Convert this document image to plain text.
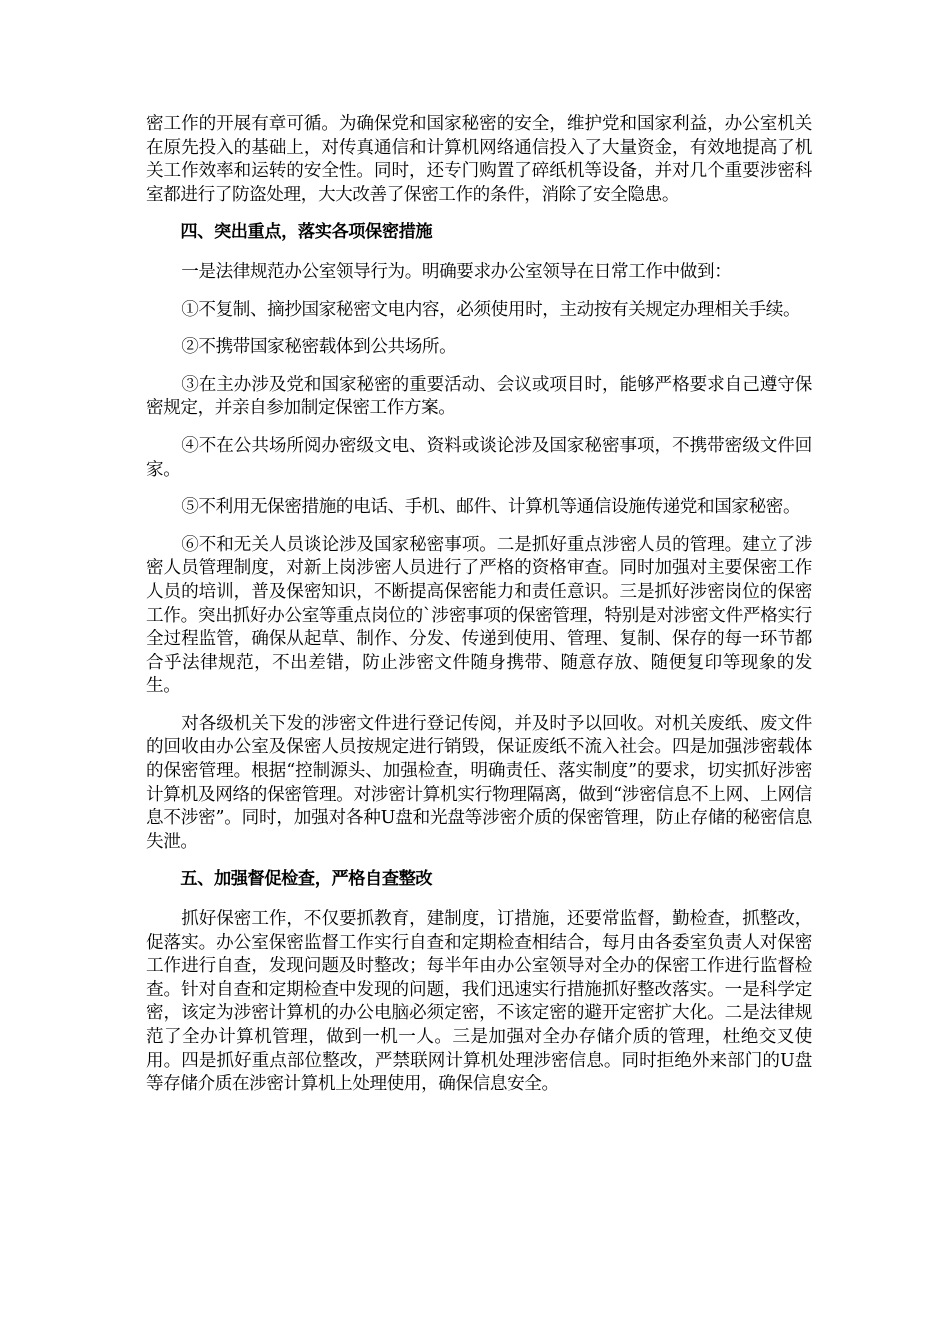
密工作的开展有章可循。为确保党和国家秘密的安全，维护党和国家利益，办公室机关在原先投入的基础上，对传真通信和计算机网络通信投入了大量资金，有效地提高了机关工作效率和运转的安全性。同时，还专门购置了碎纸机等设备，并对几个重要涉密科室都进行了防盗处理，大大改善了保密工作的条件，消除了安全隐患。

四、突出重点，落实各项保密措施

一是法律规范办公室领导行为。明确要求办公室领导在日常工作中做到：

①不复制、摘抄国家秘密文电内容，必须使用时，主动按有关规定办理相关手续。

②不携带国家秘密载体到公共场所。

③在主办涉及党和国家秘密的重要活动、会议或项目时，能够严格要求自己遵守保密规定，并亲自参加制定保密工作方案。

④不在公共场所阅办密级文电、资料或谈论涉及国家秘密事项，不携带密级文件回家。

⑤不利用无保密措施的电话、手机、邮件、计算机等通信设施传递党和国家秘密。

⑥不和无关人员谈论涉及国家秘密事项。二是抓好重点涉密人员的管理。建立了涉密人员管理制度，对新上岗涉密人员进行了严格的资格审查。同时加强对主要保密工作人员的培训，普及保密知识，不断提高保密能力和责任意识。三是抓好涉密岗位的保密工作。突出抓好办公室等重点岗位的`涉密事项的保密管理，特别是对涉密文件严格实行全过程监管，确保从起草、制作、分发、传递到使用、管理、复制、保存的每一环节都合乎法律规范，不出差错，防止涉密文件随身携带、随意存放、随便复印等现象的发生。

对各级机关下发的涉密文件进行登记传阅，并及时予以回收。对机关废纸、废文件的回收由办公室及保密人员按规定进行销毁，保证废纸不流入社会。四是加强涉密载体的保密管理。根据“控制源头、加强检查，明确责任、落实制度”的要求，切实抓好涉密计算机及网络的保密管理。对涉密计算机实行物理隔离，做到“涉密信息不上网、上网信息不涉密”。同时，加强对各种U盘和光盘等涉密介质的保密管理，防止存储的秘密信息失泄。

五、加强督促检查，严格自查整改

抓好保密工作，不仅要抓教育，建制度，订措施，还要常监督，勤检查，抓整改，促落实。办公室保密监督工作实行自查和定期检查相结合，每月由各委室负责人对保密工作进行自查，发现问题及时整改；每半年由办公室领导对全办的保密工作进行监督检查。针对自查和定期检查中发现的问题，我们迅速实行措施抓好整改落实。一是科学定密，该定为涉密计算机的办公电脑必须定密，不该定密的避开定密扩大化。二是法律规范了全办计算机管理，做到一机一人。三是加强对全办存储介质的管理，杜绝交叉使用。四是抓好重点部位整改，严禁联网计算机处理涉密信息。同时拒绝外来部门的U盘等存储介质在涉密计算机上处理使用，确保信息安全。
